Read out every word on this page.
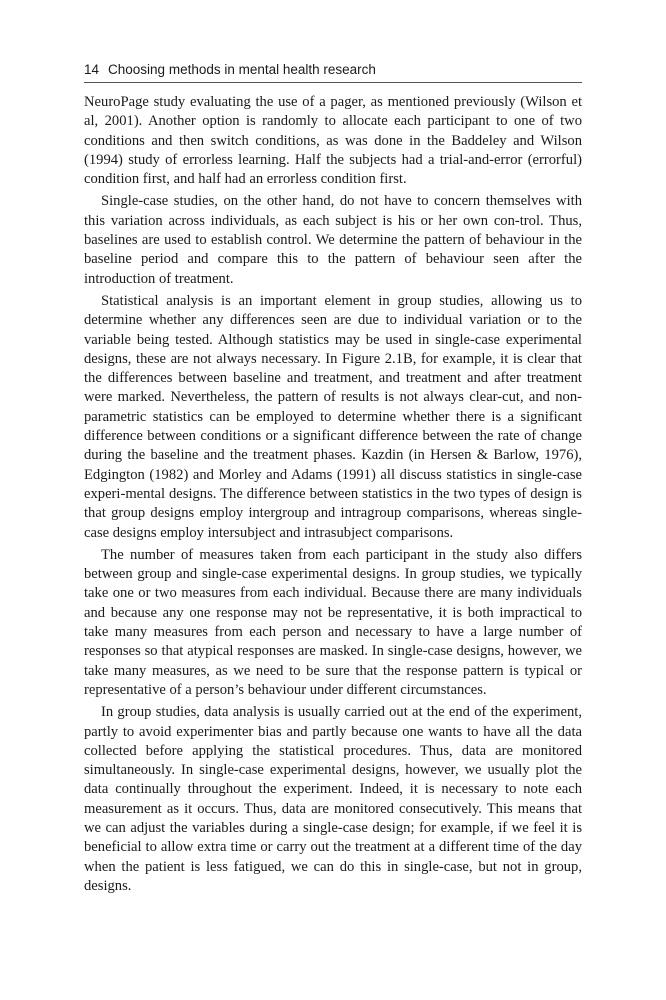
14 Choosing methods in mental health research

NeuroPage study evaluating the use of a pager, as mentioned previously (Wilson et al, 2001). Another option is randomly to allocate each participant to one of two conditions and then switch conditions, as was done in the Baddeley and Wilson (1994) study of errorless learning. Half the subjects had a trial-and-error (errorful) condition first, and half had an errorless condition first.

Single-case studies, on the other hand, do not have to concern themselves with this variation across individuals, as each subject is his or her own con-trol. Thus, baselines are used to establish control. We determine the pattern of behaviour in the baseline period and compare this to the pattern of behaviour seen after the introduction of treatment.

Statistical analysis is an important element in group studies, allowing us to determine whether any differences seen are due to individual variation or to the variable being tested. Although statistics may be used in single-case experimental designs, these are not always necessary. In Figure 2.1B, for example, it is clear that the differences between baseline and treatment, and treatment and after treatment were marked. Nevertheless, the pattern of results is not always clear-cut, and non-parametric statistics can be employed to determine whether there is a significant difference between conditions or a significant difference between the rate of change during the baseline and the treatment phases. Kazdin (in Hersen & Barlow, 1976), Edgington (1982) and Morley and Adams (1991) all discuss statistics in single-case experi-mental designs. The difference between statistics in the two types of design is that group designs employ intergroup and intragroup comparisons, whereas single-case designs employ intersubject and intrasubject comparisons.

The number of measures taken from each participant in the study also differs between group and single-case experimental designs. In group studies, we typically take one or two measures from each individual. Because there are many individuals and because any one response may not be representative, it is both impractical to take many measures from each person and necessary to have a large number of responses so that atypical responses are masked. In single-case designs, however, we take many measures, as we need to be sure that the response pattern is typical or representative of a person’s behaviour under different circumstances.

In group studies, data analysis is usually carried out at the end of the experiment, partly to avoid experimenter bias and partly because one wants to have all the data collected before applying the statistical procedures. Thus, data are monitored simultaneously. In single-case experimental designs, however, we usually plot the data continually throughout the experiment. Indeed, it is necessary to note each measurement as it occurs. Thus, data are monitored consecutively. This means that we can adjust the variables during a single-case design; for example, if we feel it is beneficial to allow extra time or carry out the treatment at a different time of the day when the patient is less fatigued, we can do this in single-case, but not in group, designs.
